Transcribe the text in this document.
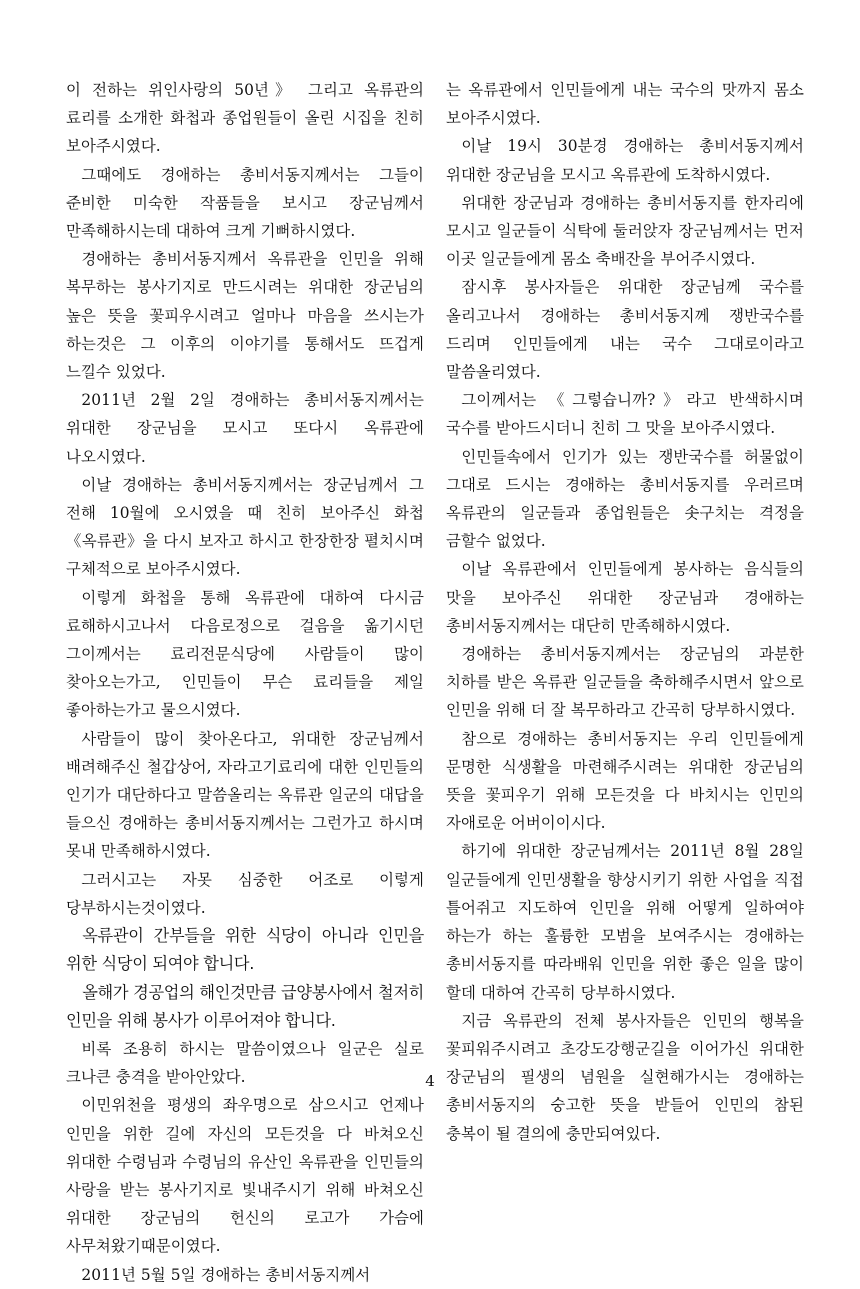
이 전하는 위인사랑의 50년》 그리고 옥류관의 료리를 소개한 화첩과 종업원들이 올린 시집을 친히 보아주시였다.

그때에도 경애하는 총비서동지께서는 그들이 준비한 미숙한 작품들을 보시고 장군님께서 만족해하시는데 대하여 크게 기뻐하시였다.

경애하는 총비서동지께서 옥류관을 인민을 위해 복무하는 봉사기지로 만드시려는 위대한 장군님의 높은 뜻을 꽃피우시려고 얼마나 마음을 쓰시는가 하는것은 그 이후의 이야기를 통해서도 뜨겁게 느낄수 있었다.

2011년 2월 2일 경애하는 총비서동지께서는 위대한 장군님을 모시고 또다시 옥류관에 나오시였다.

이날 경애하는 총비서동지께서는 장군님께서 그 전해 10월에 오시였을 때 친히 보아주신 화첩 《옥류관》을 다시 보자고 하시고 한장한장 펼치시며 구체적으로 보아주시였다.

이렇게 화첩을 통해 옥류관에 대하여 다시금 료해하시고나서 다음로정으로 걸음을 옮기시던 그이께서는 료리전문식당에 사람들이 많이 찾아오는가고, 인민들이 무슨 료리들을 제일 좋아하는가고 물으시였다.

사람들이 많이 찾아온다고, 위대한 장군님께서 배려해주신 철갑상어, 자라고기료리에 대한 인민들의 인기가 대단하다고 말씀올리는 옥류관 일군의 대답을 들으신 경애하는 총비서동지께서는 그런가고 하시며 못내 만족해하시였다.

그러시고는 자못 심중한 어조로 이렇게 당부하시는것이였다.

옥류관이 간부들을 위한 식당이 아니라 인민을 위한 식당이 되여야 합니다.

올해가 경공업의 해인것만큼 급양봉사에서 철저히 인민을 위해 봉사가 이루어져야 합니다.

비록 조용히 하시는 말씀이였으나 일군은 실로 크나큰 충격을 받아안았다.

이민위천을 평생의 좌우명으로 삼으시고 언제나 인민을 위한 길에 자신의 모든것을 다 바쳐오신 위대한 수령님과 수령님의 유산인 옥류관을 인민들의 사랑을 받는 봉사기지로 빛내주시기 위해 바쳐오신 위대한 장군님의 헌신의 로고가 가슴에 사무쳐왔기때문이였다.

2011년 5월 5일 경애하는 총비서동지께서

는 옥류관에서 인민들에게 내는 국수의 맛까지 몸소 보아주시였다.

이날 19시 30분경 경애하는 총비서동지께서 위대한 장군님을 모시고 옥류관에 도착하시였다.

위대한 장군님과 경애하는 총비서동지를 한자리에 모시고 일군들이 식탁에 둘러앉자 장군님께서는 먼저 이곳 일군들에게 몸소 축배잔을 부어주시였다.

잠시후 봉사자들은 위대한 장군님께 국수를 올리고나서 경애하는 총비서동지께 쟁반국수를 드리며 인민들에게 내는 국수 그대로이라고 말씀올리였다.

그이께서는 《그렇습니까?》라고 반색하시며 국수를 받아드시더니 친히 그 맛을 보아주시였다.

인민들속에서 인기가 있는 쟁반국수를 허물없이 그대로 드시는 경애하는 총비서동지를 우러르며 옥류관의 일군들과 종업원들은 솟구치는 격정을 금할수 없었다.

이날 옥류관에서 인민들에게 봉사하는 음식들의 맛을 보아주신 위대한 장군님과 경애하는 총비서동지께서는 대단히 만족해하시였다.

경애하는 총비서동지께서는 장군님의 과분한 치하를 받은 옥류관 일군들을 축하해주시면서 앞으로 인민을 위해 더 잘 복무하라고 간곡히 당부하시였다.

참으로 경애하는 총비서동지는 우리 인민들에게 문명한 식생활을 마련해주시려는 위대한 장군님의 뜻을 꽃피우기 위해 모든것을 다 바치시는 인민의 자애로운 어버이이시다.

하기에 위대한 장군님께서는 2011년 8월 28일 일군들에게 인민생활을 향상시키기 위한 사업을 직접 틀어쥐고 지도하여 인민을 위해 어떻게 일하여야 하는가 하는 훌륭한 모범을 보여주시는 경애하는 총비서동지를 따라배워 인민을 위한 좋은 일을 많이 할데 대하여 간곡히 당부하시였다.

지금 옥류관의 전체 봉사자들은 인민의 행복을 꽃피워주시려고 초강도강행군길을 이어가신 위대한 장군님의 필생의 념원을 실현해가시는 경애하는 총비서동지의 숭고한 뜻을 받들어 인민의 참된 충복이 될 결의에 충만되여있다.

4
